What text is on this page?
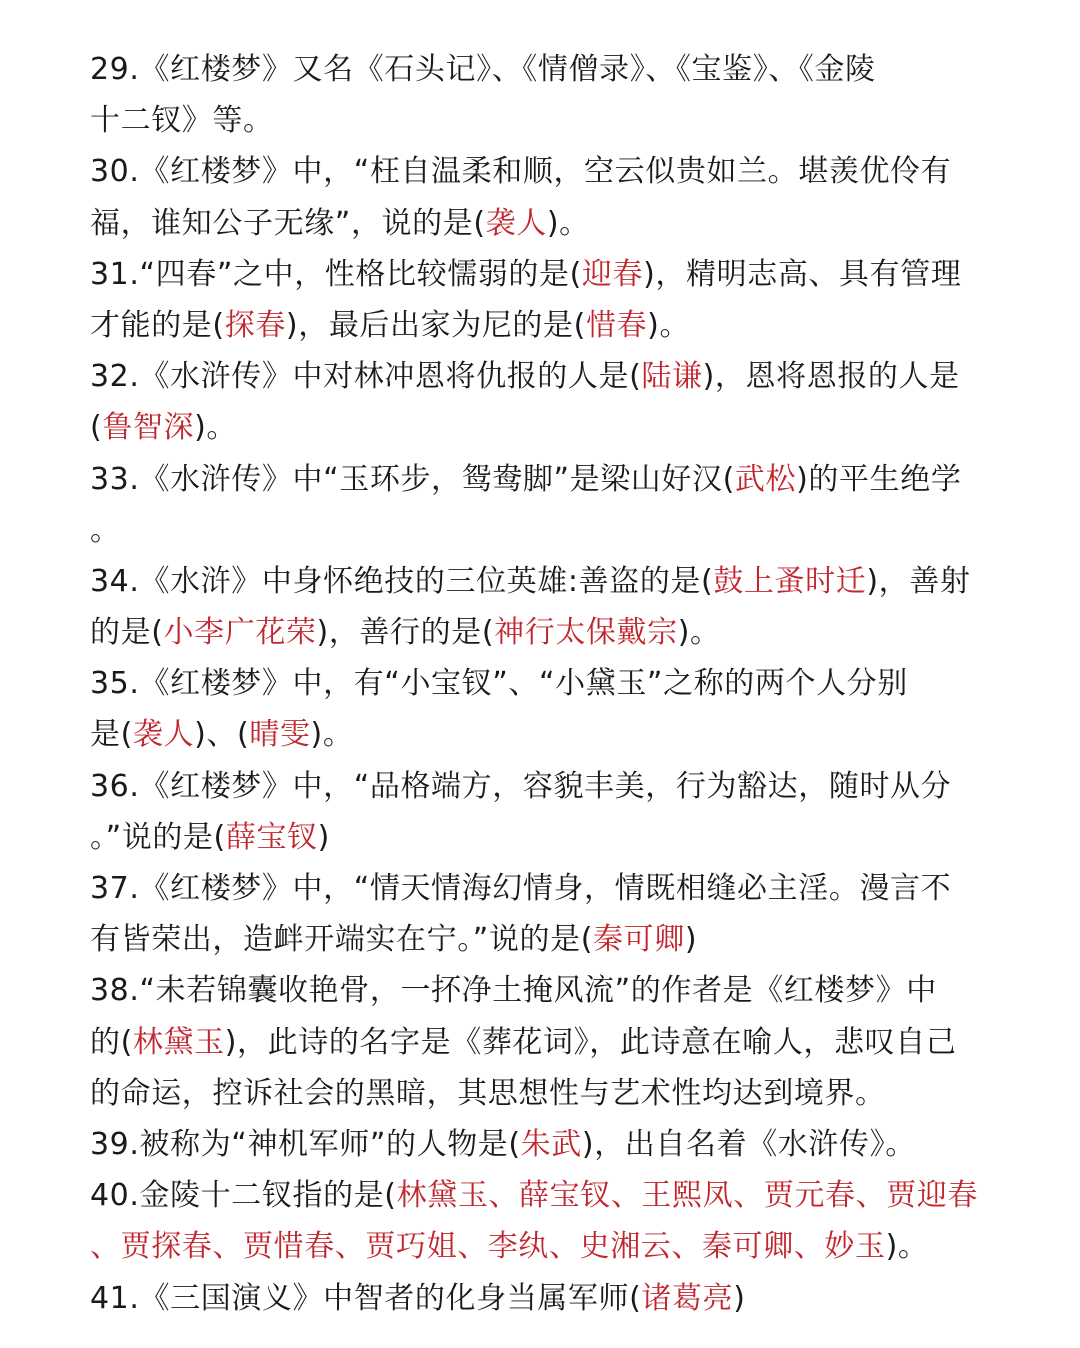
29.《红楼梦》又名《石头记》、《情僧录》、《宝鉴》、《金陵
十二钗》等。
30.《红楼梦》中，“枉自温柔和顺，空云似贵如兰。堪羡优伶有
福，谁知公子无缘”，说的是(袭人)。
31.“四春”之中，性格比较懦弱的是(迎春)，精明志高、具有管理
才能的是(探春)，最后出家为尼的是(惜春)。
32.《水浒传》中对林冲恩将仇报的人是(陆谦)，恩将恩报的人是
(鲁智深)。
33.《水浒传》中“玉环步，鸳鸯脚”是梁山好汉(武松)的平生绝学
。
34.《水浒》中身怀绝技的三位英雄:善盗的是(鼓上蚤时迁)，善射
的是(小李广花荣)，善行的是(神行太保戴宗)。
35.《红楼梦》中，有“小宝钗”、“小黛玉”之称的两个人分别
是(袭人)、(晴雯)。
36.《红楼梦》中，“品格端方，容貌丰美，行为豁达，随时从分
。”说的是(薛宝钗)
37.《红楼梦》中，“情天情海幻情身，情既相缝必主淫。漫言不
有皆荣出，造衅开端实在宁。”说的是(秦可卿)
38.“未若锦囊收艳骨，一抔净土掩风流”的作者是《红楼梦》中
的(林黛玉)，此诗的名字是《葬花词》，此诗意在喻人，悲叹自己
的命运，控诉社会的黑暗，其思想性与艺术性均达到境界。
39.被称为“神机军师”的人物是(朱武)，出自名着《水浒传》。
40.金陵十二钗指的是(林黛玉、薛宝钗、王熙凤、贾元春、贾迎春
、贾探春、贾惜春、贾巧姐、李纨、史湘云、秦可卿、妙玉)。
41.《三国演义》中智者的化身当属军师(诸葛亮)
